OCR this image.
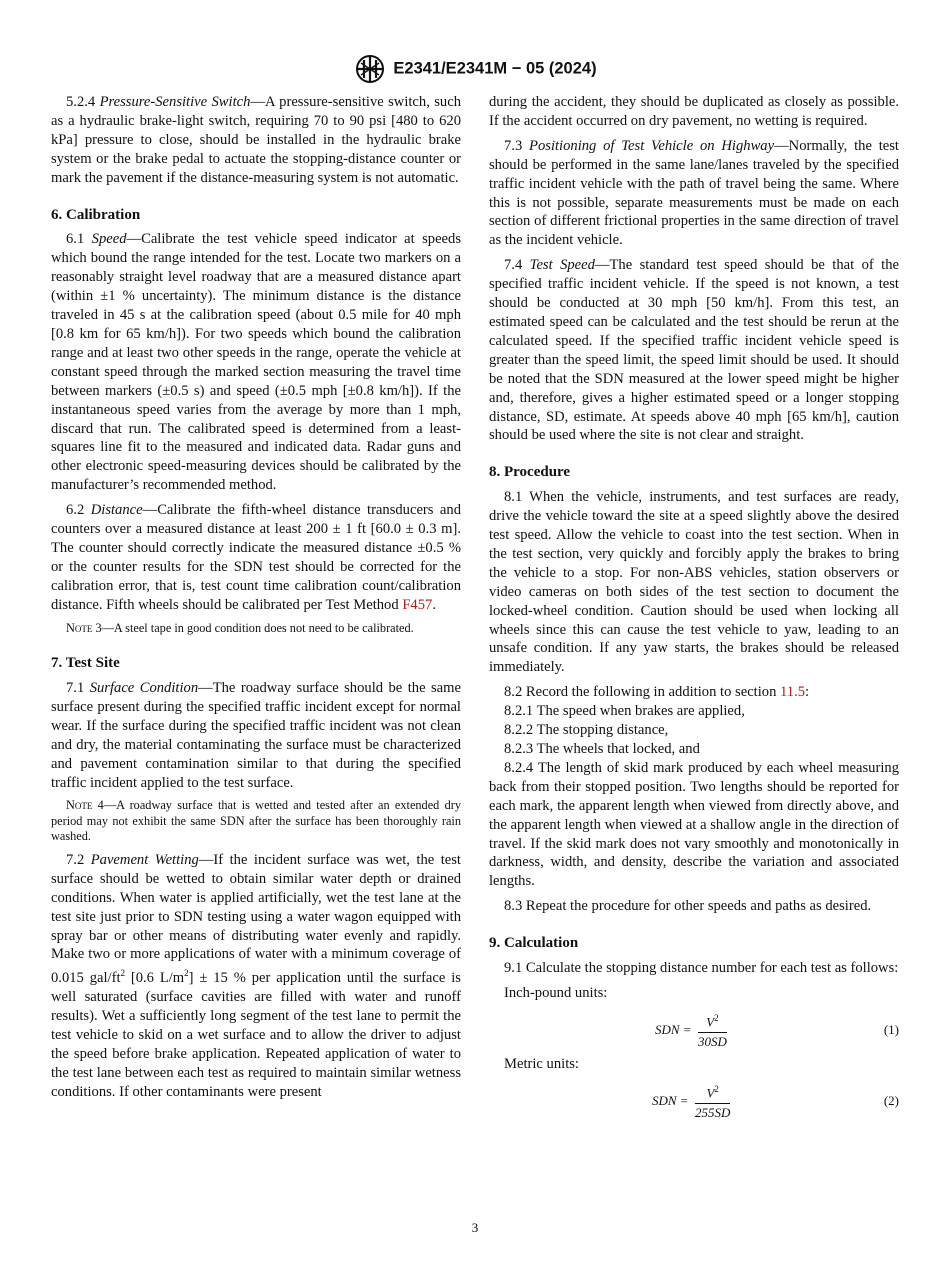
E2341/E2341M − 05 (2024)

5.2.4 Pressure-Sensitive Switch—A pressure-sensitive switch, such as a hydraulic brake-light switch, requiring 70 to 90 psi [480 to 620 kPa] pressure to close, should be installed in the hydraulic brake system or the brake pedal to actuate the stopping-distance counter or mark the pavement if the distance-measuring system is not automatic.

6. Calibration

6.1 Speed—Calibrate the test vehicle speed indicator at speeds which bound the range intended for the test. Locate two markers on a reasonably straight level roadway that are a measured distance apart (within ±1 % uncertainty). The minimum distance is the distance traveled in 45 s at the calibration speed (about 0.5 mile for 40 mph [0.8 km for 65 km/h]). For two speeds which bound the calibration range and at least two other speeds in the range, operate the vehicle at constant speed through the marked section measuring the travel time between markers (±0.5 s) and speed (±0.5 mph [±0.8 km/h]). If the instantaneous speed varies from the average by more than 1 mph, discard that run. The calibrated speed is determined from a least-squares line fit to the measured and indicated data. Radar guns and other electronic speed-measuring devices should be calibrated by the manufacturer’s recommended method.

6.2 Distance—Calibrate the fifth-wheel distance transducers and counters over a measured distance at least 200 ± 1 ft [60.0 ± 0.3 m]. The counter should correctly indicate the measured distance ±0.5 % or the counter results for the SDN test should be corrected for the calibration error, that is, test count time calibration count/calibration distance. Fifth wheels should be calibrated per Test Method F457.

Note 3—A steel tape in good condition does not need to be calibrated.
7. Test Site

7.1 Surface Condition—The roadway surface should be the same surface present during the specified traffic incident except for normal wear. If the surface during the specified traffic incident was not clean and dry, the material contaminating the surface must be characterized and pavement contamination similar to that during the specified traffic incident applied to the test surface.

Note 4—A roadway surface that is wetted and tested after an extended dry period may not exhibit the same SDN after the surface has been thoroughly rain washed.

7.2 Pavement Wetting—If the incident surface was wet, the test surface should be wetted to obtain similar water depth or drained conditions. When water is applied artificially, wet the test lane at the test site just prior to SDN testing using a water wagon equipped with spray bar or other means of distributing water evenly and rapidly. Make two or more applications of water with a minimum coverage of 0.015 gal/$ft^2$ [0.6 $L/m^2] \pm 15$ % per application until the surface is well saturated (surface cavities are filled with water and runoff results). Wet a sufficiently long segment of the test lane to permit the test vehicle to skid on a wet surface and to allow the driver to adjust the speed before brake application. Repeated application of water to the test lane between each test as required to maintain similar wetness conditions. If other contaminants were present

during the accident, they should be duplicated as closely as possible. If the accident occurred on dry pavement, no wetting is required.

7.3 Positioning of Test Vehicle on Highway—Normally, the test should be performed in the same lane/lanes traveled by the specified traffic incident vehicle with the path of travel being the same. Where this is not possible, separate measurements must be made on each section of different frictional properties in the same direction of travel as the incident vehicle.

7.4 Test Speed—The standard test speed should be that of the specified traffic incident vehicle. If the speed is not known, a test should be conducted at 30 mph [50 km/h]. From this test, an estimated speed can be calculated and the test should be rerun at the calculated speed. If the specified traffic incident vehicle speed is greater than the speed limit, the speed limit should be used. It should be noted that the SDN measured at the lower speed might be higher and, therefore, gives a higher estimated speed or a longer stopping distance, SD, estimate. At speeds above 40 mph [65 km/h], caution should be used where the site is not clear and straight.

8. Procedure

8.1 When the vehicle, instruments, and test surfaces are ready, drive the vehicle toward the site at a speed slightly above the desired test speed. Allow the vehicle to coast into the test section. When in the test section, very quickly and forcibly apply the brakes to bring the vehicle to a stop. For non-ABS vehicles, station observers or video cameras on both sides of the test section to document the locked-wheel condition. Caution should be used when locking all wheels since this can cause the test vehicle to yaw, leading to an unsafe condition. If any yaw starts, the brakes should be released immediately.

8.2 Record the following in addition to section 11.5:

8.2.1 The speed when brakes are applied,

8.2.2 The stopping distance,

8.2.3 The wheels that locked, and

8.2.4 The length of skid mark produced by each wheel measuring back from their stopped position. Two lengths should be reported for each mark, the apparent length when viewed from directly above, and the apparent length when viewed at a shallow angle in the direction of travel. If the skid mark does not vary smoothly and monotonically in darkness, width, and density, describe the variation and associated lengths.

8.3 Repeat the procedure for other speeds and paths as desired.

9. Calculation

9.1 Calculate the stopping distance number for each test as follows:

Inch-pound units:

SDN = $\frac{V^2}{30SD}$	(1)

Metric units:

SDN = $\frac{V^2}{255SD}$	(2)
3
